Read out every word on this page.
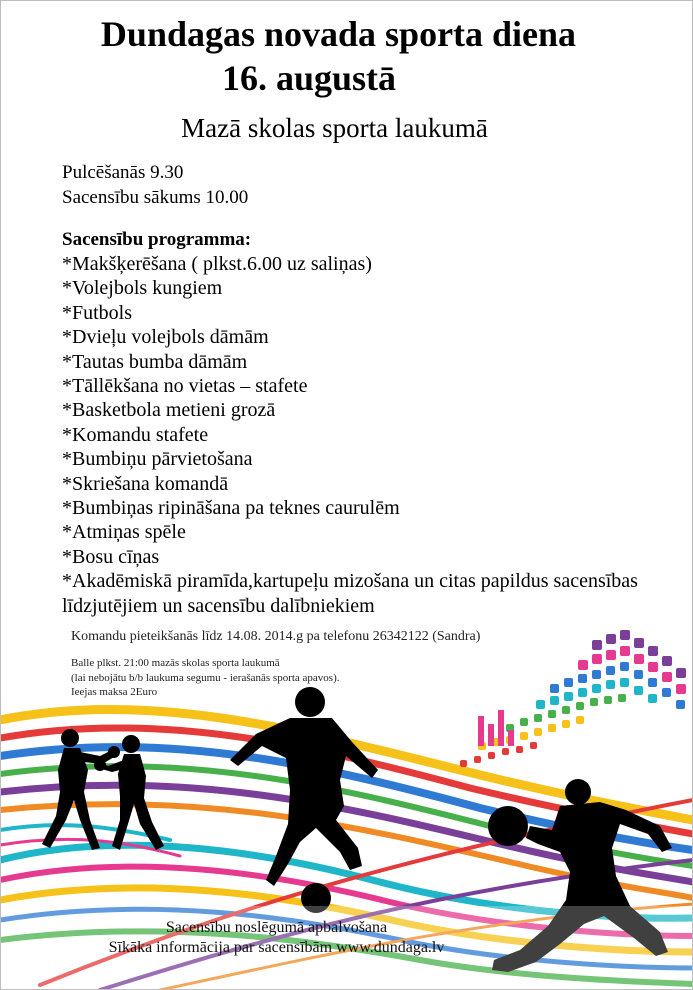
Dundagas novada sporta diena
16. augustā
Mazā skolas sporta laukumā
Pulcēšanās 9.30
Sacensību sākums 10.00
Sacensību programma:
*Makšķerēšana ( plkst.6.00 uz saliņas)
*Volejbols kungiem
*Futbols
*Dvieļu volejbols dāmām
*Tautas bumba dāmām
*Tāllēkšana no vietas – stafete
*Basketbola metieni grozā
*Komandu stafete
*Bumbiņu pārvietošana
*Skriešana komandā
*Bumbiņas ripināšana pa teknes caurulēm
*Atmiņas spēle
*Bosu cīņas
*Akadēmiskā piramīda,kartupeļu mizošana un citas papildus sacensības līdzjutējiem un sacensību dalībniekiem
Komandu pieteikšanās līdz 14.08. 2014.g pa telefonu 26342122 (Sandra)
Balle plkst. 21:00 mazās skolas sporta laukumā
(lai nebojātu b/b laukuma segumu - ierašanās sporta apavos).
Ieejas maksa 2Euro
Sacensību noslēgumā apbalvošana
Sīkāka informācija par sacensībām www.dundaga.lv
